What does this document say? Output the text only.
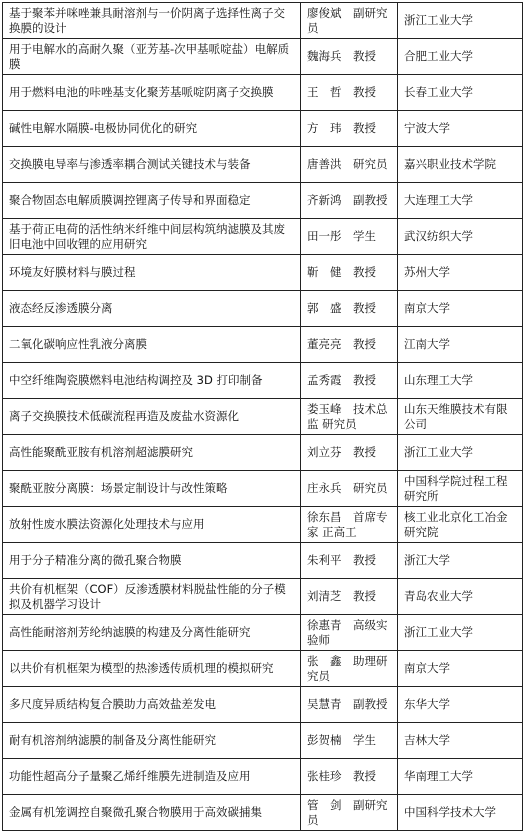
基于聚苯并咪唑兼具耐溶剂与一价阴离子选择性离子交换膜的设计	廖俊斌　副研究员	浙江工业大学
用于电解水的高耐久聚（亚芳基-次甲基哌啶盐）电解质膜	魏海兵　教授	合肥工业大学
用于燃料电池的咔唑基支化聚芳基哌啶阴离子交换膜	王　哲　教授	长春工业大学
碱性电解水隔膜-电极协同优化的研究	方　玮　教授	宁波大学
交换膜电导率与渗透率耦合测试关键技术与装备	唐善洪　研究员	嘉兴职业技术学院
聚合物固态电解质膜调控锂离子传导和界面稳定	齐新鸿　副教授	大连理工大学
基于荷正电荷的活性纳米纤维中间层构筑纳滤膜及其废旧电池中回收锂的应用研究	田一彤　学生	武汉纺织大学
环境友好膜材料与膜过程	靳　健　教授	苏州大学
液态经反渗透膜分离	郭　盛　教授	南京大学
二氧化碳响应性乳液分离膜	董亮亮　教授	江南大学
中空纤维陶瓷膜燃料电池结构调控及 3D 打印制备	孟秀霞　教授	山东理工大学
离子交换膜技术低碳流程再造及废盐水资源化	娄玉峰　技术总监 研究员	山东天维膜技术有限公司
高性能聚酰亚胺有机溶剂超滤膜研究	刘立芬　教授	浙江工业大学
聚酰亚胺分离膜：场景定制设计与改性策略	庄永兵　研究员	中国科学院过程工程研究所
放射性废水膜法资源化处理技术与应用	徐东昌　首席专家 正高工	核工业北京化工冶金研究院
用于分子精准分离的微孔聚合物膜	朱利平　教授	浙江大学
共价有机框架（COF）反渗透膜材料脱盐性能的分子模拟及机器学习设计	刘清芝　教授	青岛农业大学
高性能耐溶剂芳纶纳滤膜的构建及分离性能研究	徐惠青　高级实验师	浙江工业大学
以共价有机框架为模型的热渗透传质机理的模拟研究	张　鑫　助理研究员	南京大学
多尺度异质结构复合膜助力高效盐差发电	吴慧青　副教授	东华大学
耐有机溶剂纳滤膜的制备及分离性能研究	彭贺楠　学生	吉林大学
功能性超高分子量聚乙烯纤维膜先进制造及应用	张桂珍　教授	华南理工大学
金属有机笼调控自聚微孔聚合物膜用于高效碳捕集	管　剑　副研究员	中国科学技术大学
